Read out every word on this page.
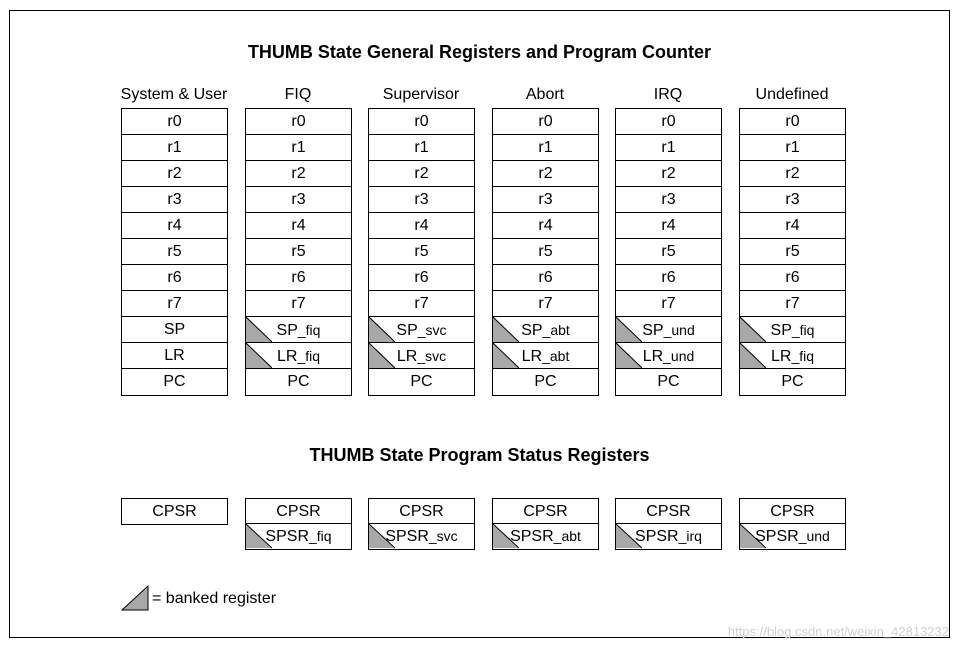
THUMB State General Registers and Program Counter
THUMB State Program Status Registers
System & User
r0
r1
r2
r3
r4
r5
r6
r7
SP
LR
PC
CPSR
FIQ
r0
r1
r2
r3
r4
r5
r6
r7
SP_fiq
LR_fiq
PC
CPSR
SPSR_fiq
Supervisor
r0
r1
r2
r3
r4
r5
r6
r7
SP_svc
LR_svc
PC
CPSR
SPSR_svc
Abort
r0
r1
r2
r3
r4
r5
r6
r7
SP_abt
LR_abt
PC
CPSR
SPSR_abt
IRQ
r0
r1
r2
r3
r4
r5
r6
r7
SP_und
LR_und
PC
CPSR
SPSR_irq
Undefined
r0
r1
r2
r3
r4
r5
r6
r7
SP_fiq
LR_fiq
PC
CPSR
SPSR_und
= banked register
https://blog.csdn.net/weixin_42813232
